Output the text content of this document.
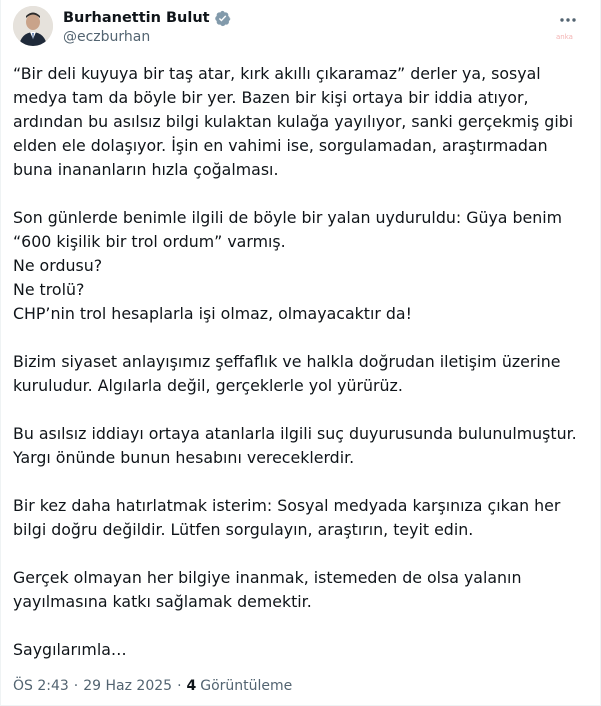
Burhanettin Bulut
@eczburhan	anka

“Bir deli kuyuya bir taş atar, kırk akıllı çıkaramaz” derler ya, sosyal medya tam da böyle bir yer. Bazen bir kişi ortaya bir iddia atıyor, ardından bu asılsız bilgi kulaktan kulağa yayılıyor, sanki gerçekmiş gibi elden ele dolaşıyor. İşin en vahimi ise, sorgulamadan, araştırmadan buna inananların hızla çoğalması.

Son günlerde benimle ilgili de böyle bir yalan uyduruldu: Güya benim “600 kişilik bir trol ordum” varmış.
Ne ordusu?
Ne trolü?
CHP’nin trol hesaplarla işi olmaz, olmayacaktır da!

Bizim siyaset anlayışımız şeffaflık ve halkla doğrudan iletişim üzerine kuruludur. Algılarla değil, gerçeklerle yol yürürüz.

Bu asılsız iddiayı ortaya atanlarla ilgili suç duyurusunda bulunulmuştur. Yargı önünde bunun hesabını vereceklerdir.

Bir kez daha hatırlatmak isterim: Sosyal medyada karşınıza çıkan her bilgi doğru değildir. Lütfen sorgulayın, araştırın, teyit edin.

Gerçek olmayan her bilgiye inanmak, istemeden de olsa yalanın yayılmasına katkı sağlamak demektir.

Saygılarımla…

ÖS 2:43 · 29 Haz 2025 · 4 Görüntüleme
